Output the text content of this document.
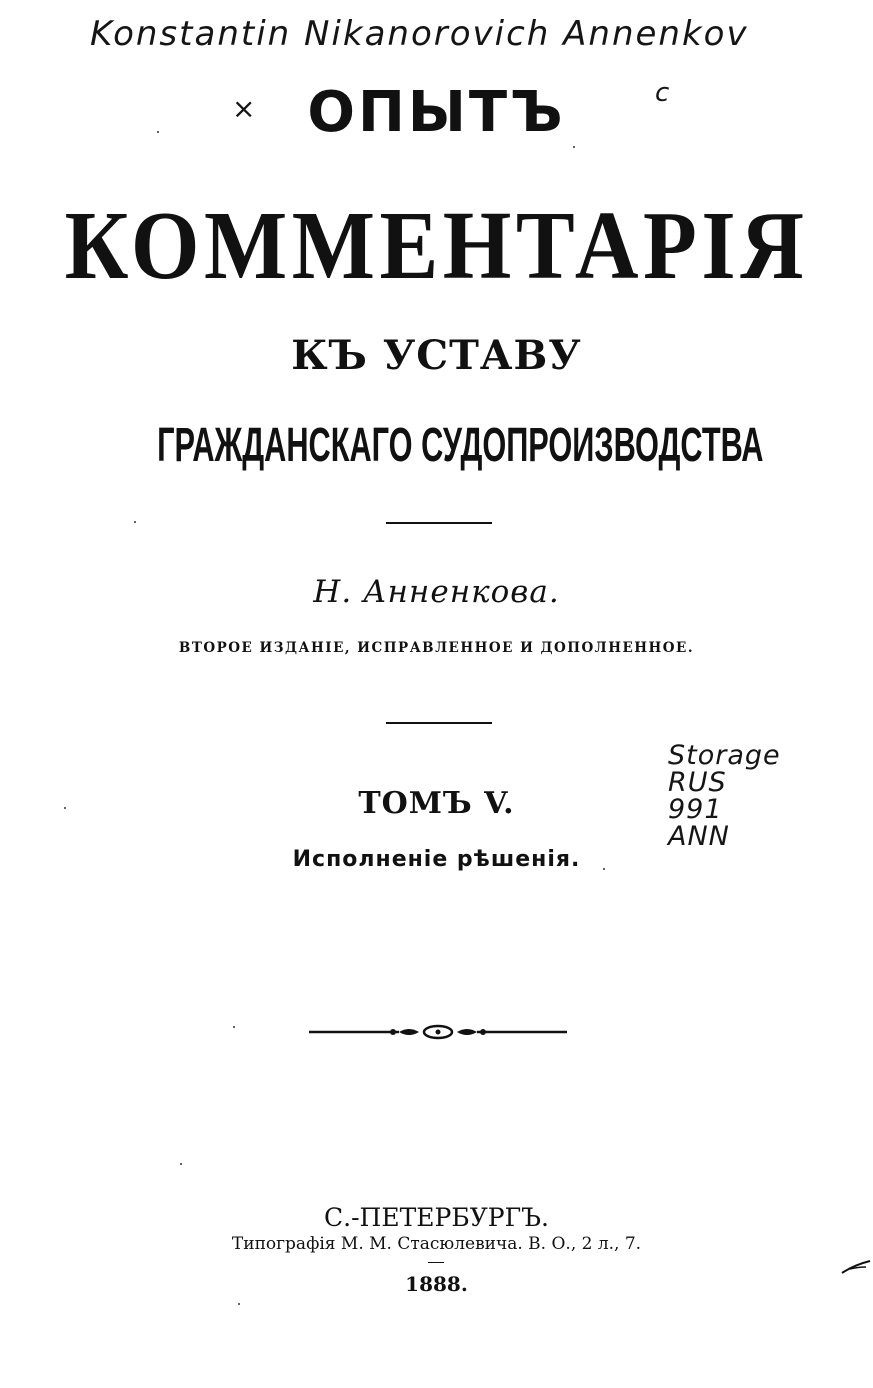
Konstantin Nikanorovich Annenkov
×	c
ОПЫТЪ
КОММЕНТАРІЯ
КЪ УСТАВУ
ГРАЖДАНСКАГО СУДОПРОИЗВОДСТВА
Н. Анненкова.
ВТОРОЕ ИЗДАНІЕ, ИСПРАВЛЕННОЕ И ДОПОЛНЕННОЕ.
ТОМЪ V.
Исполненіе рѣшенія.
Storage
RUS
991
ANN
С.-ПЕТЕРБУРГЪ.
Типографія М. М. Стасюлевича. В. О., 2 л., 7.
1888.
